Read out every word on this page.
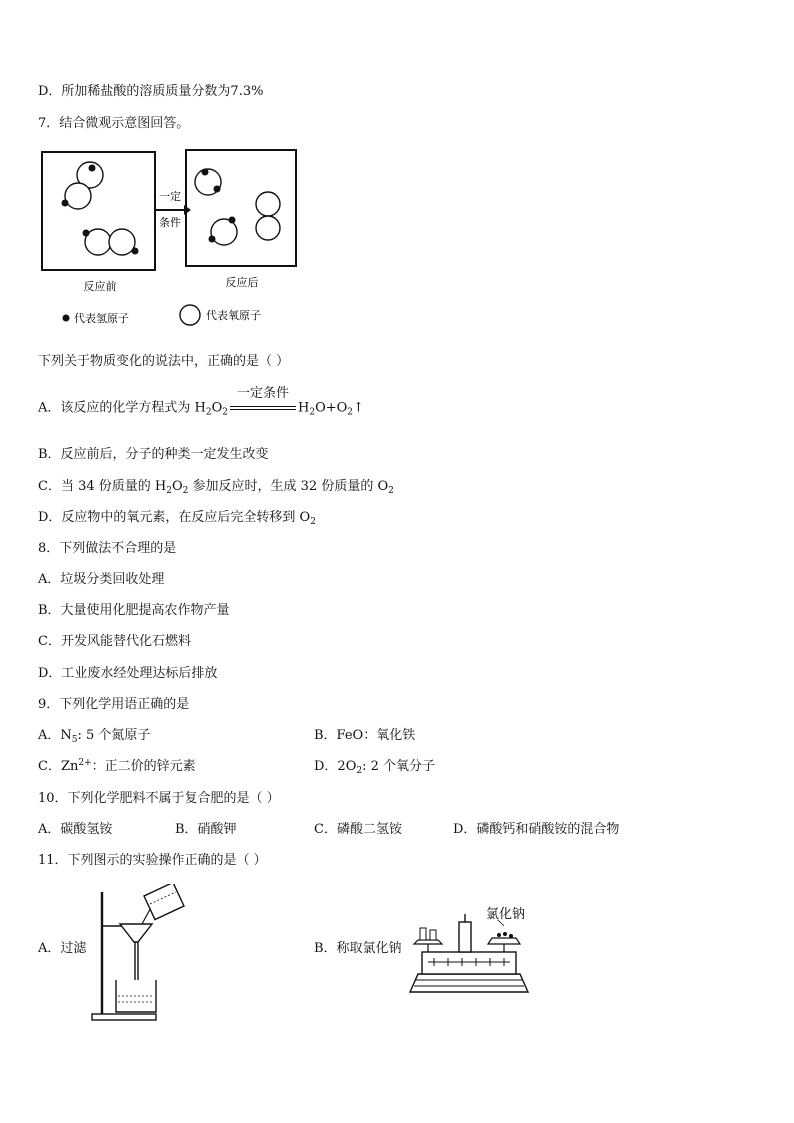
D．所加稀盐酸的溶质质量分数为7.3%
7．结合微观示意图回答。
一定
条件
反应前	反应后
代表氢原子	代表氧原子
下列关于物质变化的说法中，正确的是（ ）
A．该反应的化学方程式为 $H_2O_2$
一定条件
$H_2O+O_2↑$
B．反应前后，分子的种类一定发生改变
C．当 34 份质量的 $H_2O_2$ 参加反应时，生成 32 份质量的 $O_2$
D．反应物中的氧元素，在反应后完全转移到 $O_2$
8．下列做法不合理的是
A．垃圾分类回收处理
B．大量使用化肥提高农作物产量
C．开发风能替代化石燃料
D．工业废水经处理达标后排放
9．下列化学用语正确的是
A．$N_5$: 5 个氮原子	B．FeO：氧化铁
C．$Zn^{2+}$：正二价的锌元素	D．$2O_2$: 2 个氧分子
10．下列化学肥料不属于复合肥的是（ ）
A．碳酸氢铵	B．硝酸钾	C．磷酸二氢铵	D．磷酸钙和硝酸铵的混合物
11．下列图示的实验操作正确的是（ ）
A．过滤
氯化钠
B．称取氯化钠
